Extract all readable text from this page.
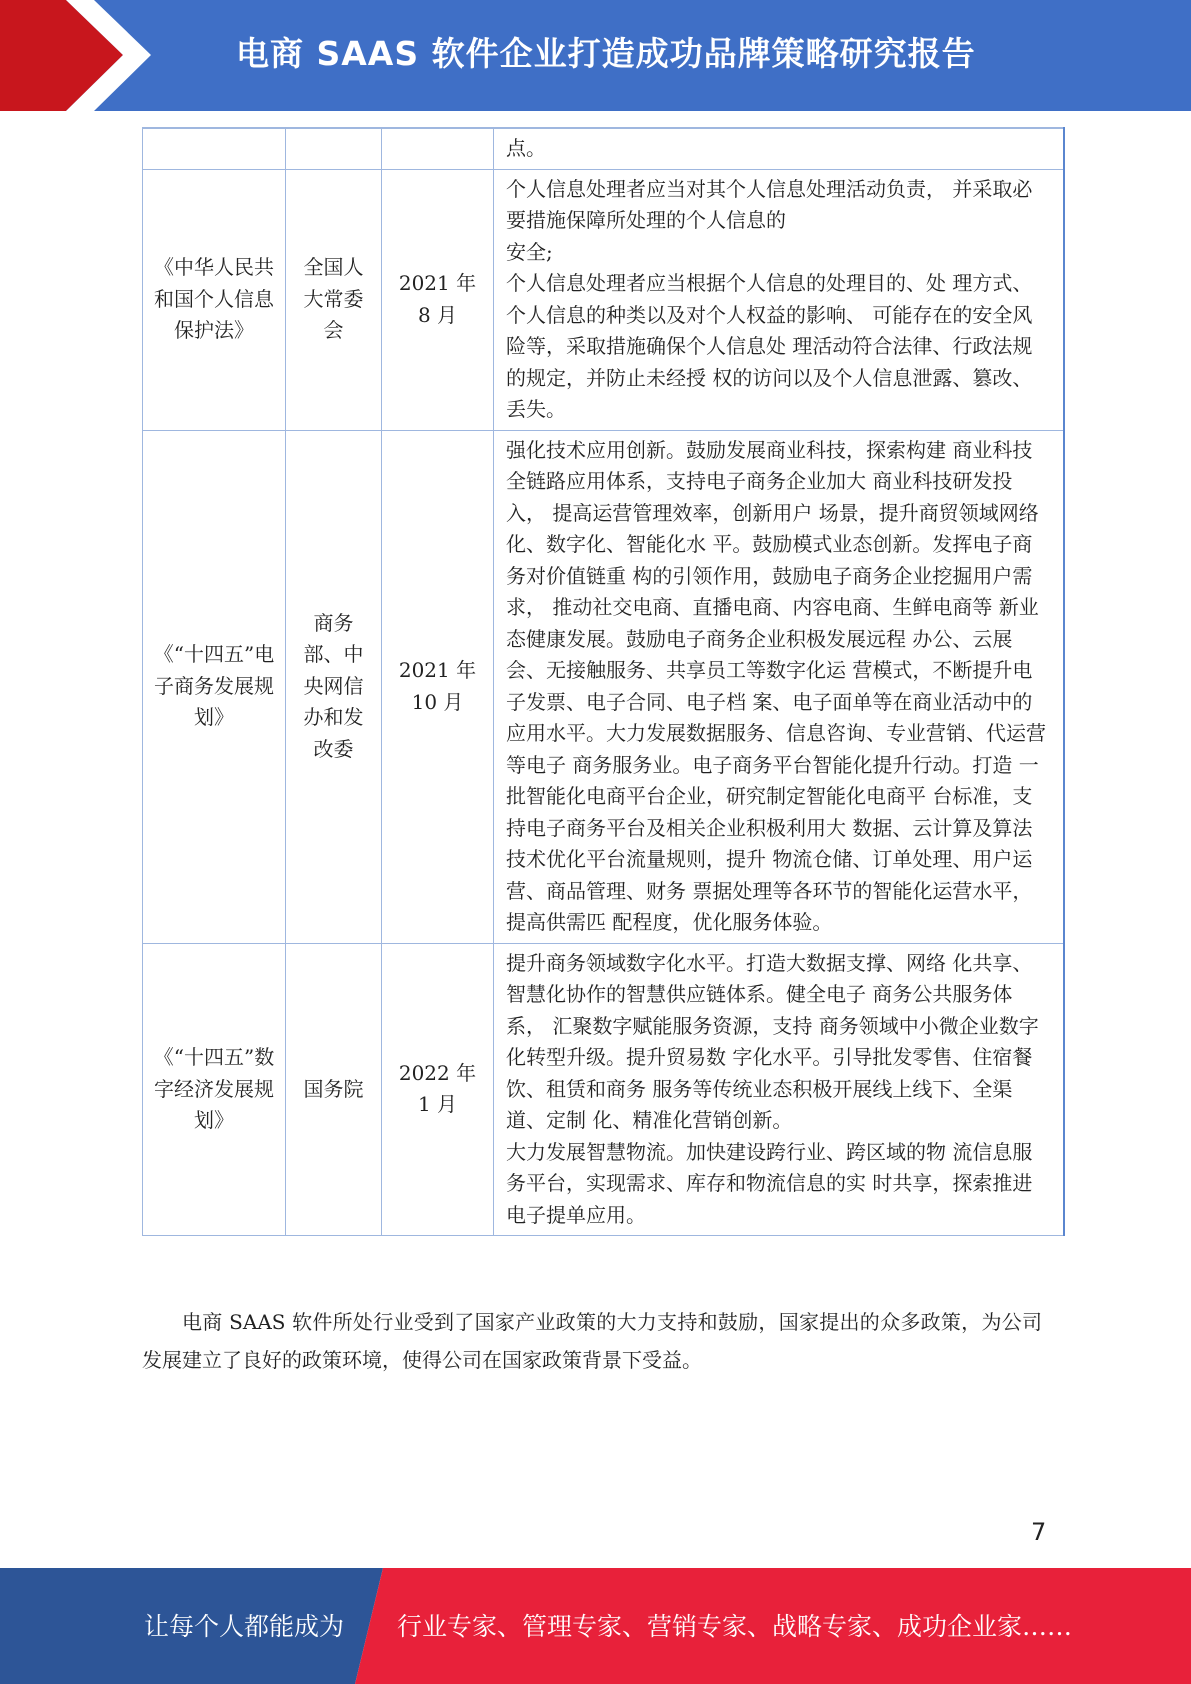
电商 SAAS 软件企业打造成功品牌策略研究报告

			点。

《中华人民共和国个人信息保护法》	全国人大常委会	2021 年 8 月	个人信息处理者应当对其个人信息处理活动负责， 并采取必要措施保障所处理的个人信息的
安全;
个人信息处理者应当根据个人信息的处理目的、处 理方式、个人信息的种类以及对个人权益的影响、 可能存在的安全风险等，采取措施确保个人信息处 理活动符合法律、行政法规的规定，并防止未经授 权的访问以及个人信息泄露、篡改、丢失。

《“十四五”电子商务发展规划》	商务部、中央网信办和发改委	2021 年 10 月	强化技术应用创新。鼓励发展商业科技，探索构建 商业科技全链路应用体系，支持电子商务企业加大 商业科技研发投入， 提高运营管理效率，创新用户 场景，提升商贸领域网络化、数字化、智能化水 平。鼓励模式业态创新。发挥电子商务对价值链重 构的引领作用，鼓励电子商务企业挖掘用户需求， 推动社交电商、直播电商、内容电商、生鲜电商等 新业态健康发展。鼓励电子商务企业积极发展远程 办公、云展会、无接触服务、共享员工等数字化运 营模式，不断提升电子发票、电子合同、电子档 案、电子面单等在商业活动中的应用水平。大力发展数据服务、信息咨询、专业营销、代运营等电子 商务服务业。电子商务平台智能化提升行动。打造 一批智能化电商平台企业，研究制定智能化电商平 台标准，支持电子商务平台及相关企业积极利用大 数据、云计算及算法技术优化平台流量规则，提升 物流仓储、订单处理、用户运营、商品管理、财务 票据处理等各环节的智能化运营水平， 提高供需匹 配程度，优化服务体验。

《“十四五”数字经济发展规划》	国务院	2022 年 1 月	提升商务领域数字化水平。打造大数据支撑、网络 化共享、智慧化协作的智慧供应链体系。健全电子 商务公共服务体系， 汇聚数字赋能服务资源，支持 商务领域中小微企业数字化转型升级。提升贸易数 字化水平。引导批发零售、住宿餐饮、租赁和商务 服务等传统业态积极开展线上线下、全渠道、定制 化、精准化营销创新。
大力发展智慧物流。加快建设跨行业、跨区域的物 流信息服务平台，实现需求、库存和物流信息的实 时共享，探索推进电子提单应用。

电商 SAAS 软件所处行业受到了国家产业政策的大力支持和鼓励，国家提出的众多政策，为公司发展建立了良好的政策环境，使得公司在国家政策背景下受益。

7
让每个人都能成为 行业专家、管理专家、营销专家、战略专家、成功企业家……
